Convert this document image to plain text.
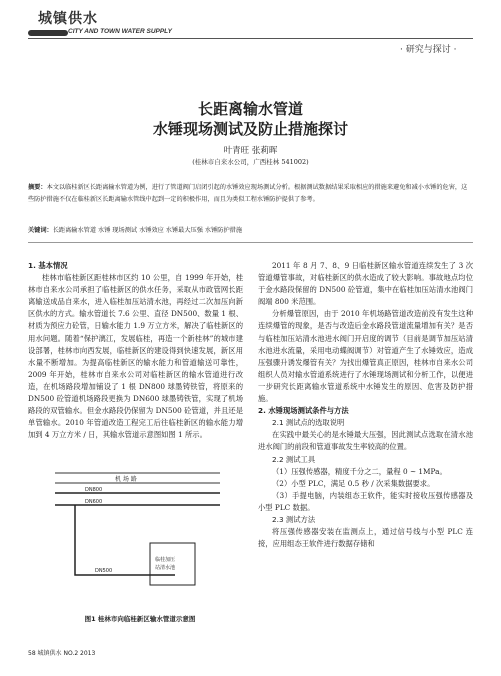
城镇供水
CITY AND TOWN WATER SUPPLY
· 研究与探讨 ·
长距离输水管道
水锤现场测试及防止措施探讨
叶青旺 张莉晖
(桂林市自来水公司，广西桂林 541002)
摘要：本文以临桂新区长距离输水管道为例，进行了管道阀门启闭引起的水锤效应现场测试分析。根据测试数据结果采取相应的措施来避免和减小水锤的危害，这些防护措施不仅在临桂新区长距离输水管线中起到一定的积极作用，而且为类似工程水锤防护提供了参考。
关键词：长距离输水管道 水锤 现场测试 水锤效应 水锤最大压强 水锤防护措施

1. 基本情况

桂林市临桂新区距桂林市区约 10 公里，自 1999 年开始，桂林市自来水公司承担了临桂新区的供水任务，采取从市政管网长距离输送成品自来水，进入临桂加压站清水池，再经过二次加压向新区供水的方式。输水管道长 7.6 公里、直径 DN500、数量 1 根、材质为预应力砼管，日输水能力 1.9 万立方米，解决了临桂新区的用水问题。随着“保护漓江，发展临桂，再造一个新桂林”的城市建设部署，桂林市向西发展，临桂新区的建设得到快速发展，新区用水量不断增加。为提高临桂新区的输水能力和管道输送可靠性，2009 年开始，桂林市自来水公司对临桂新区的输水管道进行改造，在机场路段增加铺设了 1 根 DN800 球墨铸铁管，将原来的 DN500 砼管道机场路段更换为 DN600 球墨铸铁管，实现了机场路段的双管输水。但金水路段仍保留为 DN500 砼管道，并且还是单管输水。2010 年管道改造工程完工后往临桂新区的输水能力增加到 4 万立方米 / 日，其输水管道示意图如图 1 所示。

机 场 路
DN800
DN600
DN500
临桂加压 站清水池
图1 桂林市向临桂新区输水管道示意图

2011 年 8 月 7、8、9 日临桂新区输水管道连续发生了 3 次管道爆管事故，对临桂新区的供水造成了较大影响。事故地点均位于金水路段保留的 DN500 砼管道，集中在临桂加压站清水池阀门阀端 800 米范围。

分析爆管原因，由于 2010 年机场路管道改造前没有发生这种连续爆管的现象，是否与改造后金水路段管道流量增加有关？是否与临桂加压站清水池进水阀门开启度的调节（目前是调节加压站清水池进水流量，采用电动蝶阀调节）对管道产生了水锤效应，造成压强骤升诱发爆管有关？为找出爆管真正原因，桂林市自来水公司组织人员对输水管道系统进行了水锤现场测试和分析工作，以便进一步研究长距离输水管道系统中水锤发生的原因、危害及防护措施。

2. 水锤现场测试条件与方法

2.1 测试点的选取说明

在实践中最关心的是水锤最大压强，因此测试点选取在清水池进水阀门的前段和管道事故发生率较高的位置。

2.2 测试工具

（1）压强传感器，精度千分之二，量程 0 ~ 1MPa。

（2）小型 PLC，满足 0.5 秒 / 次采集数据要求。

（3）手提电脑，内装组态王软件，能实时接收压强传感器及小型 PLC 数据。

2.3 测试方法

将压强传感器安装在监测点上，通过信号线与小型 PLC 连接，应用组态王软件进行数据存储和

58 城镇供水 NO.2 2013
